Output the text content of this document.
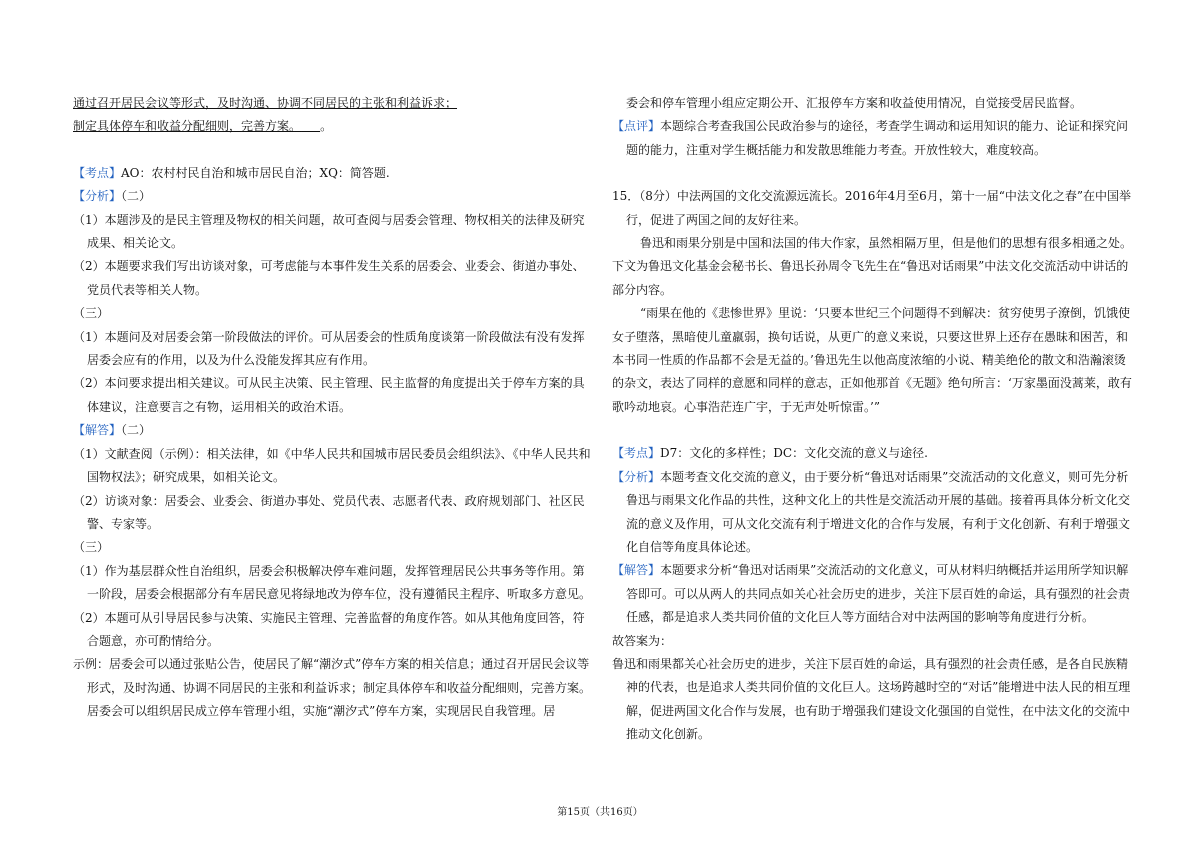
通过召开居民会议等形式，及时沟通、协调不同居民的主张和利益诉求；

制定具体停车和收益分配细则，完善方案。 。

【考点】AO：农村村民自治和城市居民自治；XQ：简答题.

【分析】（二）

（1）本题涉及的是民主管理及物权的相关问题，故可查阅与居委会管理、物权相关的法律及研究成果、相关论文。

（2）本题要求我们写出访谈对象，可考虑能与本事件发生关系的居委会、业委会、街道办事处、党员代表等相关人物。

（三）

（1）本题问及对居委会第一阶段做法的评价。可从居委会的性质角度谈第一阶段做法有没有发挥居委会应有的作用，以及为什么没能发挥其应有作用。

（2）本问要求提出相关建议。可从民主决策、民主管理、民主监督的角度提出关于停车方案的具体建议，注意要言之有物，运用相关的政治术语。

【解答】（二）

（1）文献查阅（示例）：相关法律，如《中华人民共和国城市居民委员会组织法》、《中华人民共和国物权法》；研究成果，如相关论文。

（2）访谈对象：居委会、业委会、街道办事处、党员代表、志愿者代表、政府规划部门、社区民警、专家等。

（三）

（1）作为基层群众性自治组织，居委会积极解决停车难问题，发挥管理居民公共事务等作用。第一阶段，居委会根据部分有车居民意见将绿地改为停车位，没有遵循民主程序、听取多方意见。

（2）本题可从引导居民参与决策、实施民主管理、完善监督的角度作答。如从其他角度回答，符合题意，亦可酌情给分。

示例：居委会可以通过张贴公告，使居民了解“潮汐式”停车方案的相关信息；通过召开居民会议等形式，及时沟通、协调不同居民的主张和利益诉求；制定具体停车和收益分配细则，完善方案。居委会可以组织居民成立停车管理小组，实施“潮汐式”停车方案，实现居民自我管理。居

委会和停车管理小组应定期公开、汇报停车方案和收益使用情况，自觉接受居民监督。

【点评】本题综合考查我国公民政治参与的途径，考查学生调动和运用知识的能力、论证和探究问题的能力，注重对学生概括能力和发散思维能力考查。开放性较大，难度较高。

15．（8分）中法两国的文化交流源远流长。2016年4月至6月，第十一届“中法文化之春”在中国举行，促进了两国之间的友好往来。

鲁迅和雨果分别是中国和法国的伟大作家，虽然相隔万里，但是他们的思想有很多相通之处。下文为鲁迅文化基金会秘书长、鲁迅长孙周令飞先生在“鲁迅对话雨果”中法文化交流活动中讲话的部分内容。

“雨果在他的《悲惨世界》里说：‘只要本世纪三个问题得不到解决：贫穷使男子潦倒，饥饿使女子堕落，黑暗使儿童羸弱，换句话说，从更广的意义来说，只要这世界上还存在愚昧和困苦，和本书同一性质的作品都不会是无益的。’鲁迅先生以他高度浓缩的小说、精美绝伦的散文和浩瀚滚烫的杂文，表达了同样的意愿和同样的意志，正如他那首《无题》绝句所言：‘万家墨面没蒿莱，敢有歌吟动地哀。心事浩茫连广宇，于无声处听惊雷。’”

【考点】D7：文化的多样性；DC：文化交流的意义与途径.

【分析】本题考查文化交流的意义，由于要分析“鲁迅对话雨果”交流活动的文化意义，则可先分析鲁迅与雨果文化作品的共性，这种文化上的共性是交流活动开展的基础。接着再具体分析文化交流的意义及作用，可从文化交流有利于增进文化的合作与发展，有利于文化创新、有利于增强文化自信等角度具体论述。

【解答】本题要求分析“鲁迅对话雨果”交流活动的文化意义，可从材料归纳概括并运用所学知识解答即可。可以从两人的共同点如关心社会历史的进步，关注下层百姓的命运，具有强烈的社会责任感，都是追求人类共同价值的文化巨人等方面结合对中法两国的影响等角度进行分析。

故答案为：

鲁迅和雨果都关心社会历史的进步，关注下层百姓的命运，具有强烈的社会责任感，是各自民族精神的代表，也是追求人类共同价值的文化巨人。这场跨越时空的“对话”能增进中法人民的相互理解，促进两国文化合作与发展，也有助于增强我们建设文化强国的自觉性，在中法文化的交流中推动文化创新。

第15页（共16页）
